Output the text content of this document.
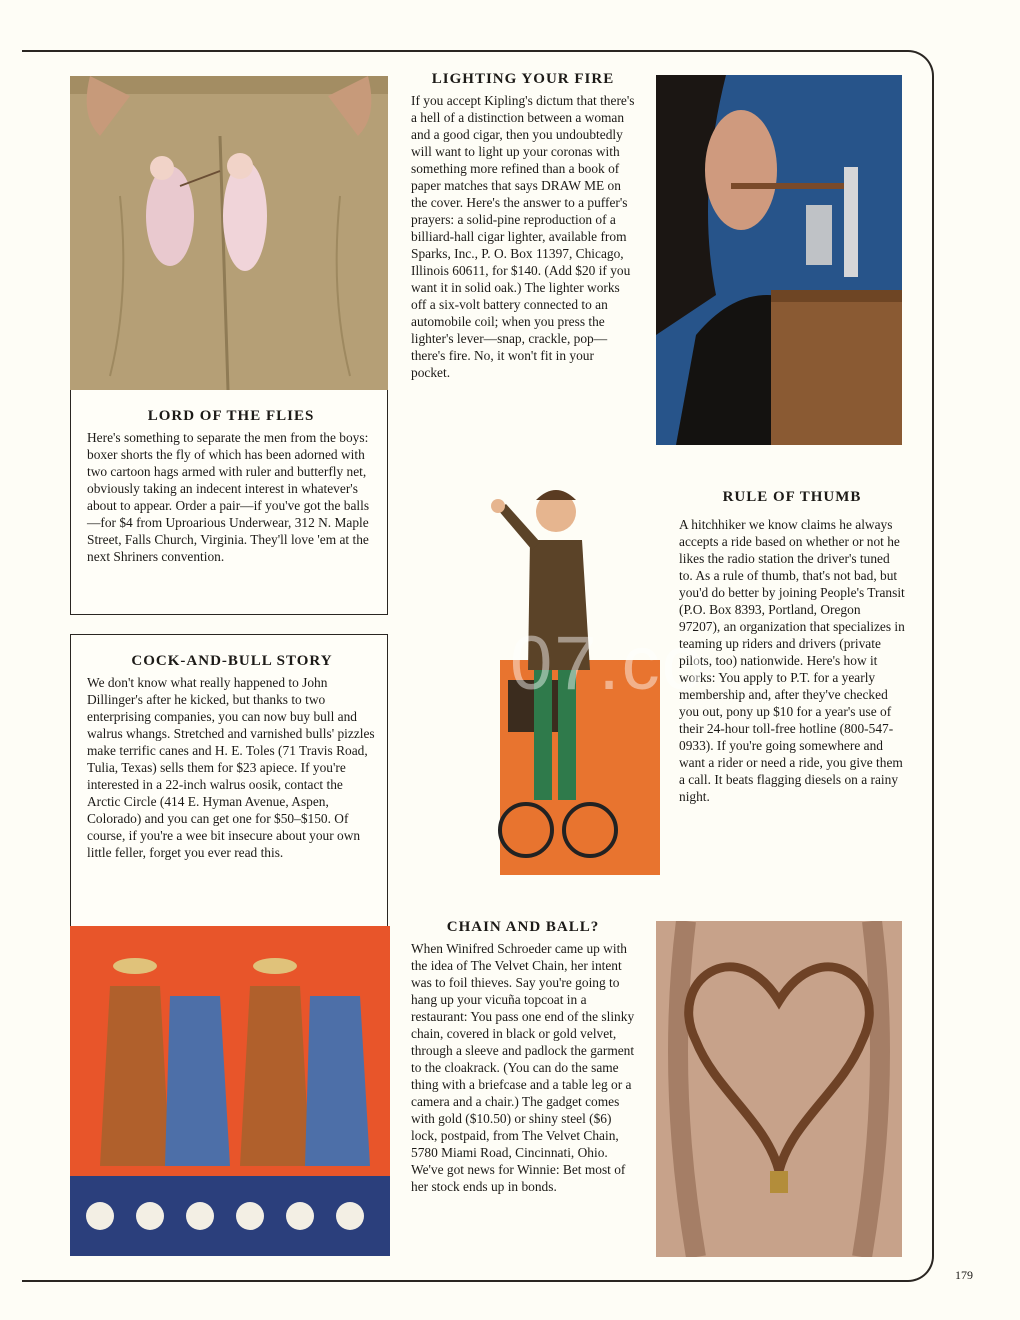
LORD OF THE FLIES

Here's something to separate the men from the boys: boxer shorts the fly of which has been adorned with two cartoon hags armed with ruler and butterfly net, obviously taking an indecent interest in whatever's about to appear. Order a pair—if you've got the balls—for $4 from Uproarious Underwear, 312 N. Maple Street, Falls Church, Virginia. They'll love 'em at the next Shriners convention.

LIGHTING YOUR FIRE

If you accept Kipling's dictum that there's a hell of a distinction between a woman and a good cigar, then you undoubtedly will want to light up your coronas with something more refined than a book of paper matches that says DRAW ME on the cover. Here's the answer to a puffer's prayers: a solid-pine reproduction of a billiard-hall cigar lighter, available from Sparks, Inc., P. O. Box 11397, Chicago, Illinois 60611, for $140. (Add $20 if you want it in solid oak.) The lighter works off a six-volt battery connected to an automobile coil; when you press the lighter's lever—snap, crackle, pop—there's fire. No, it won't fit in your pocket.

RULE OF THUMB

A hitchhiker we know claims he always accepts a ride based on whether or not he likes the radio station the driver's tuned to. As a rule of thumb, that's not bad, but you'd do better by joining People's Transit (P.O. Box 8393, Portland, Oregon 97207), an organization that specializes in teaming up riders and drivers (private pilots, too) nationwide. Here's how it works: You apply to P.T. for a yearly membership and, after they've checked you out, pony up $10 for a year's use of their 24-hour toll-free hotline (800-547-0933). If you're going somewhere and want a rider or need a ride, you give them a call. It beats flagging diesels on a rainy night.

COCK-AND-BULL STORY

We don't know what really happened to John Dillinger's after he kicked, but thanks to two enterprising companies, you can now buy bull and walrus whangs. Stretched and varnished bulls' pizzles make terrific canes and H. E. Toles (71 Travis Road, Tulia, Texas) sells them for $23 apiece. If you're interested in a 22-inch walrus oosik, contact the Arctic Circle (414 E. Hyman Avenue, Aspen, Colorado) and you can get one for $50–$150. Of course, if you're a wee bit insecure about your own little feller, forget you ever read this.

CHAIN AND BALL?

When Winifred Schroeder came up with the idea of The Velvet Chain, her intent was to foil thieves. Say you're going to hang up your vicuña topcoat in a restaurant: You pass one end of the slinky chain, covered in black or gold velvet, through a sleeve and padlock the garment to the cloakrack. (You can do the same thing with a briefcase and a table leg or a camera and a chair.) The gadget comes with gold ($10.50) or shiny steel ($6) lock, postpaid, from The Velvet Chain, 5780 Miami Road, Cincinnati, Ohio. We've got news for Winnie: Bet most of her stock ends up in bonds.

07.co
179
